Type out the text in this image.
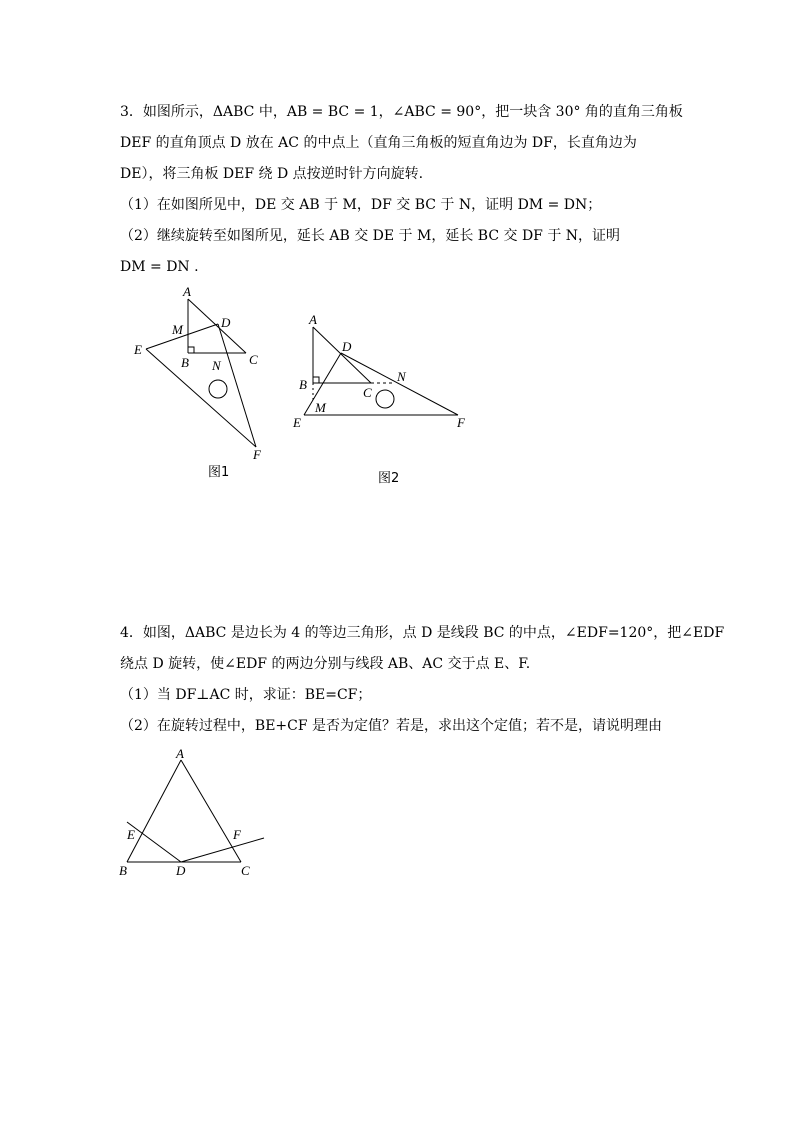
3．如图所示，ΔABC 中，AB = BC = 1，∠ABC = 90°，把一块含 30° 角的直角三角板
DEF 的直角顶点 D 放在 AC 的中点上（直角三角板的短直角边为 DF，长直角边为
DE），将三角板 DEF 绕 D 点按逆时针方向旋转.
（1）在如图所见中，DE 交 AB 于 M，DF 交 BC 于 N，证明 DM = DN；
（2）继续旋转至如图所见，延长 AB 交 DE 于 M，延长 BC 交 DF 于 N，证明
DM = DN .
A
M	D
E
B	C
N
F
图1
A
D
N
B
C
M
E	F
图2
4．如图，ΔABC 是边长为 4 的等边三角形，点 D 是线段 BC 的中点，∠EDF=120°，把∠EDF
绕点 D 旋转，使∠EDF 的两边分别与线段 AB、AC 交于点 E、F.
（1）当 DF⊥AC 时，求证：BE=CF；
（2）在旋转过程中，BE+CF 是否为定值？若是，求出这个定值；若不是，请说明理由
A
E	F
B	D	C
